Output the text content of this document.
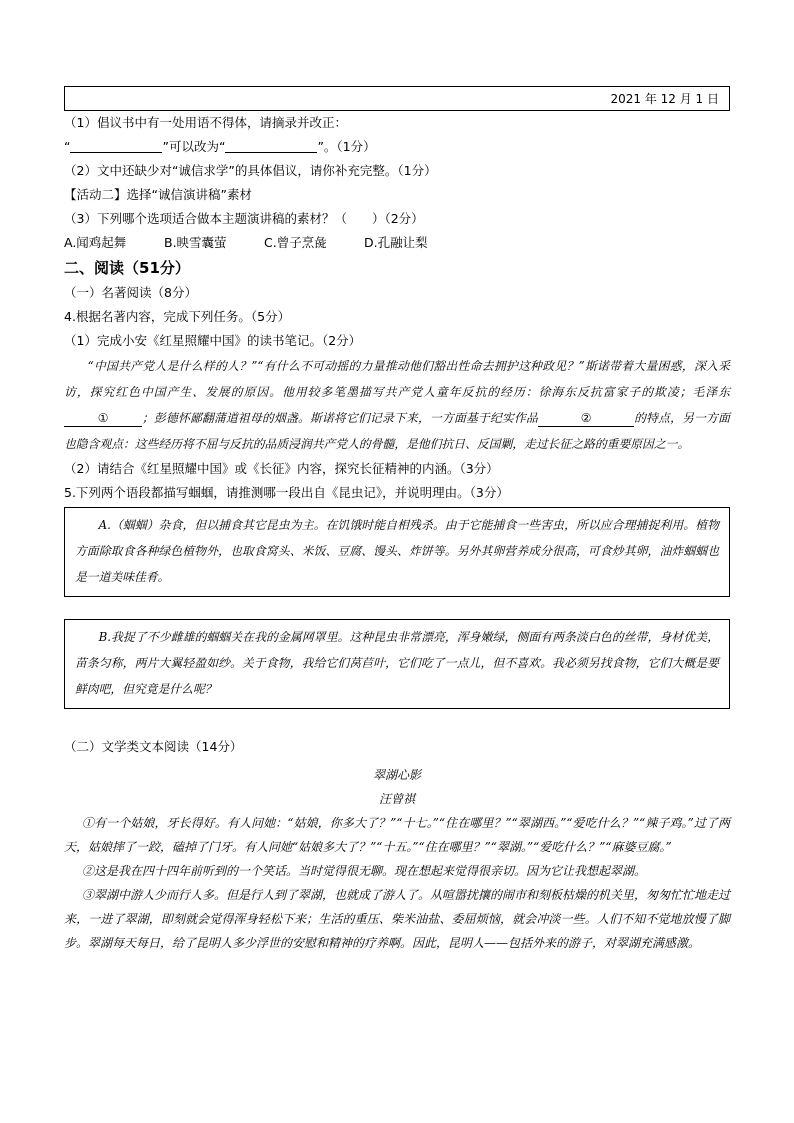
2021 年 12 月 1 日
（1）倡议书中有一处用语不得体，请摘录并改正：
“	”可以改为“	”。（1分）
（2）文中还缺少对“诚信求学”的具体倡议，请你补充完整。（1分）
【活动二】选择“诚信演讲稿”素材
（3）下列哪个选项适合做本主题演讲稿的素材？（　　）（2分）
A.闻鸡起舞	B.映雪囊萤	C.曾子烹彘	D.孔融让梨
二、阅读（51分）
（一）名著阅读（8分）
4.根据名著内容，完成下列任务。（5分）
（1）完成小安《红星照耀中国》的读书笔记。（2分）

“中国共产党人是什么样的人？”“有什么不可动摇的力量推动他们豁出性命去拥护这种政见？”斯诺带着大量困惑，深入采访，探究红色中国产生、发展的原因。他用较多笔墨描写共产党人童年反抗的经历：徐海东反抗富家子的欺凌；毛泽东①	；彭德怀鄙翻蒲道祖母的烟盏。斯诺将它们记录下来，一方面基于纪实作品	②	的特点，另一方面也隐含观点：这些经历将不屈与反抗的品质浸润共产党人的骨髓，是他们抗日、反国剿，走过长征之路的重要原因之一。

（2）请结合《红星照耀中国》或《长征》内容，探究长征精神的内涵。（3分）
5.下列两个语段都描写蝈蝈，请推测哪一段出自《昆虫记》，并说明理由。（3分）

A.（蝈蝈）杂食，但以捕食其它昆虫为主。在饥饿时能自相残杀。由于它能捕食一些害虫，所以应合理捕捉利用。植物方面除取食各种绿色植物外，也取食窝头、米饭、豆腐、馒头、炸饼等。另外其卵营养成分很高，可食炒其卵，油炸蝈蝈也是一道美味佳肴。

B.我捉了不少雌雄的蝈蝈关在我的金属网罩里。这种昆虫非常漂亮，浑身嫩绿，侧面有两条淡白色的丝带，身材优美，苗条匀称，两片大翼轻盈如纱。关于食物，我给它们莴苣叶，它们吃了一点儿，但不喜欢。我必须另找食物，它们大概是要鲜肉吧，但究竟是什么呢？

（二）文学类文本阅读（14分）
翠湖心影
汪曾祺

①有一个姑娘，牙长得好。有人问她：“姑娘，你多大了？”“十七。”“住在哪里？”“翠湖西。”“爱吃什么？”“辣子鸡。”过了两天，姑娘摔了一跤，磕掉了门牙。有人问她“姑娘多大了？”“十五。”“住在哪里？”“翠湖。”“爱吃什么？”“麻婆豆腐。”

②这是我在四十四年前听到的一个笑话。当时觉得很无聊。现在想起来觉得很亲切。因为它让我想起翠湖。

③翠湖中游人少而行人多。但是行人到了翠湖，也就成了游人了。从喧嚣扰攘的闹市和刻板枯燥的机关里，匆匆忙忙地走过来，一进了翠湖，即刻就会觉得浑身轻松下来；生活的重压、柴米油盐、委屈烦恼，就会冲淡一些。人们不知不觉地放慢了脚步。翠湖每天每日，给了昆明人多少浮世的安慰和精神的疗养啊。因此，昆明人——包括外来的游子，对翠湖充满感激。
